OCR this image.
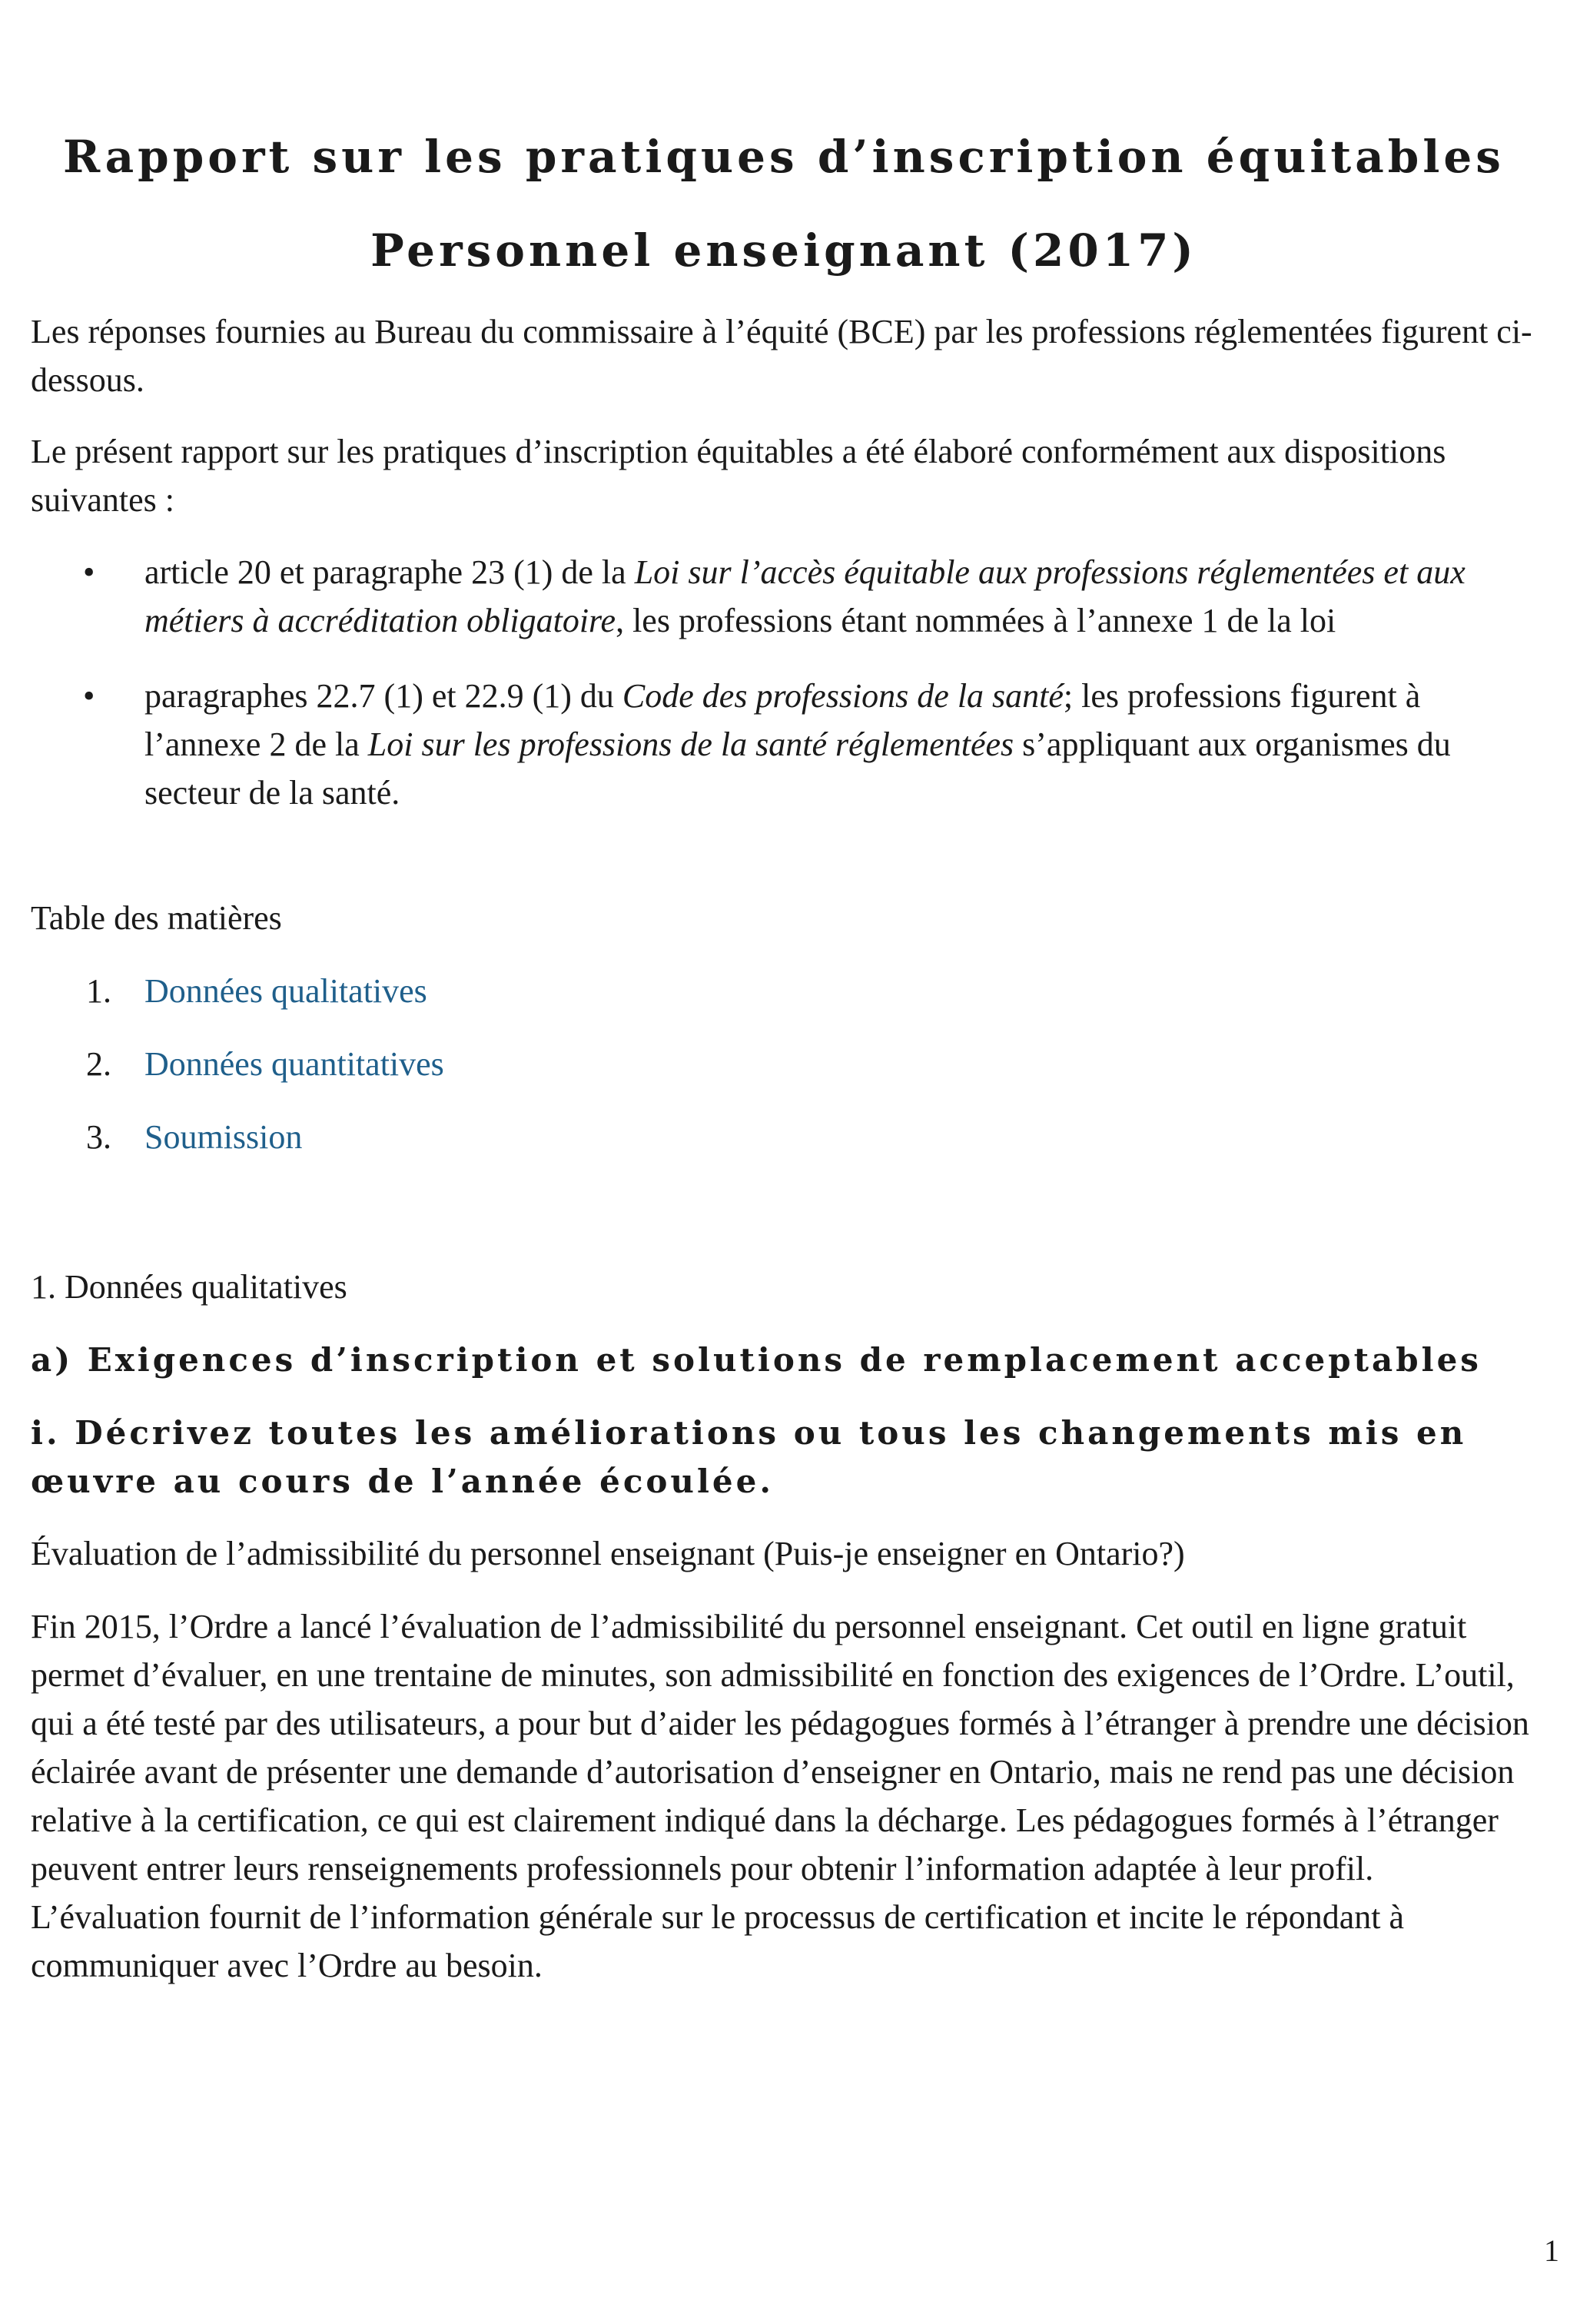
Rapport sur les pratiques d’inscription équitables
Personnel enseignant (2017)

Les réponses fournies au Bureau du commissaire à l’équité (BCE) par les professions réglementées figurent ci-dessous.

Le présent rapport sur les pratiques d’inscription équitables a été élaboré conformément aux dispositions suivantes :

• article 20 et paragraphe 23 (1) de la Loi sur l’accès équitable aux professions réglementées et aux métiers à accréditation obligatoire, les professions étant nommées à l’annexe 1 de la loi
• paragraphes 22.7 (1) et 22.9 (1) du Code des professions de la santé; les professions figurent à l’annexe 2 de la Loi sur les professions de la santé réglementées s’appliquant aux organismes du secteur de la santé.

Table des matières

1. Données qualitatives
2. Données quantitatives
3. Soumission

1. Données qualitatives

a) Exigences d’inscription et solutions de remplacement acceptables
i. Décrivez toutes les améliorations ou tous les changements mis en œuvre au cours de l’année écoulée.

Évaluation de l’admissibilité du personnel enseignant (Puis-je enseigner en Ontario?)

Fin 2015, l’Ordre a lancé l’évaluation de l’admissibilité du personnel enseignant. Cet outil en ligne gratuit permet d’évaluer, en une trentaine de minutes, son admissibilité en fonction des exigences de l’Ordre. L’outil, qui a été testé par des utilisateurs, a pour but d’aider les pédagogues formés à l’étranger à prendre une décision éclairée avant de présenter une demande d’autorisation d’enseigner en Ontario, mais ne rend pas une décision relative à la certification, ce qui est clairement indiqué dans la décharge. Les pédagogues formés à l’étranger peuvent entrer leurs renseignements professionnels pour obtenir l’information adaptée à leur profil. L’évaluation fournit de l’information générale sur le processus de certification et incite le répondant à communiquer avec l’Ordre au besoin.

1
